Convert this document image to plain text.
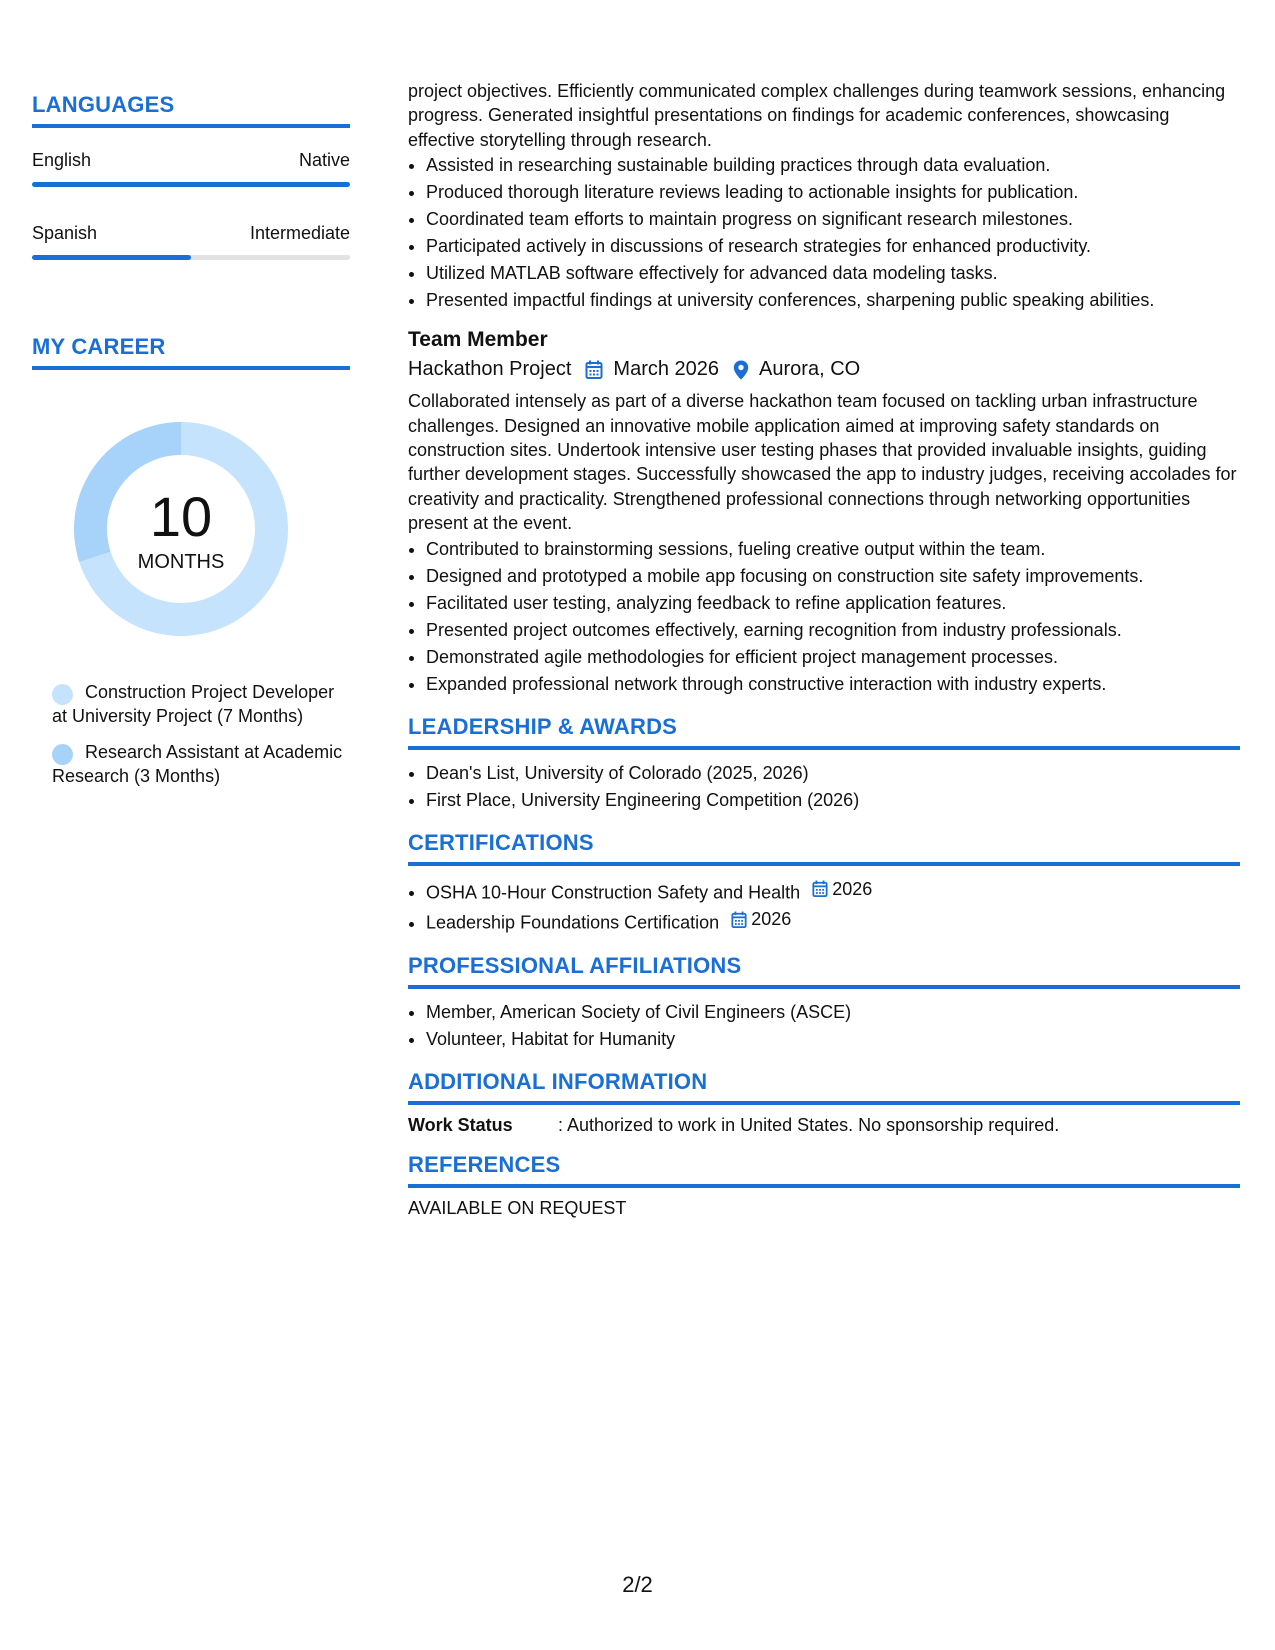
LANGUAGES
English	Native
Spanish	Intermediate
MY CAREER
10
MONTHS
Construction Project Developer at University Project (7 Months)
Research Assistant at Academic Research (3 Months)

project objectives. Efficiently communicated complex challenges during teamwork sessions, enhancing progress. Generated insightful presentations on findings for academic conferences, showcasing effective storytelling through research.

• Assisted in researching sustainable building practices through data evaluation.
• Produced thorough literature reviews leading to actionable insights for publication.
• Coordinated team efforts to maintain progress on significant research milestones.
• Participated actively in discussions of research strategies for enhanced productivity.
• Utilized MATLAB software effectively for advanced data modeling tasks.
• Presented impactful findings at university conferences, sharpening public speaking abilities.
Team Member
Hackathon Project March 2026 Aurora, CO

Collaborated intensely as part of a diverse hackathon team focused on tackling urban infrastructure challenges. Designed an innovative mobile application aimed at improving safety standards on construction sites. Undertook intensive user testing phases that provided invaluable insights, guiding further development stages. Successfully showcased the app to industry judges, receiving accolades for creativity and practicality. Strengthened professional connections through networking opportunities present at the event.

• Contributed to brainstorming sessions, fueling creative output within the team.
• Designed and prototyped a mobile app focusing on construction site safety improvements.
• Facilitated user testing, analyzing feedback to refine application features.
• Presented project outcomes effectively, earning recognition from industry professionals.
• Demonstrated agile methodologies for efficient project management processes.
• Expanded professional network through constructive interaction with industry experts.
LEADERSHIP & AWARDS
• Dean's List, University of Colorado (2025, 2026)
• First Place, University Engineering Competition (2026)
CERTIFICATIONS
• OSHA 10-Hour Construction Safety and Health 2026
• Leadership Foundations Certification 2026
PROFESSIONAL AFFILIATIONS
• Member, American Society of Civil Engineers (ASCE)
• Volunteer, Habitat for Humanity
ADDITIONAL INFORMATION
Work Status	: Authorized to work in United States. No sponsorship required.
REFERENCES
AVAILABLE ON REQUEST
2/2
